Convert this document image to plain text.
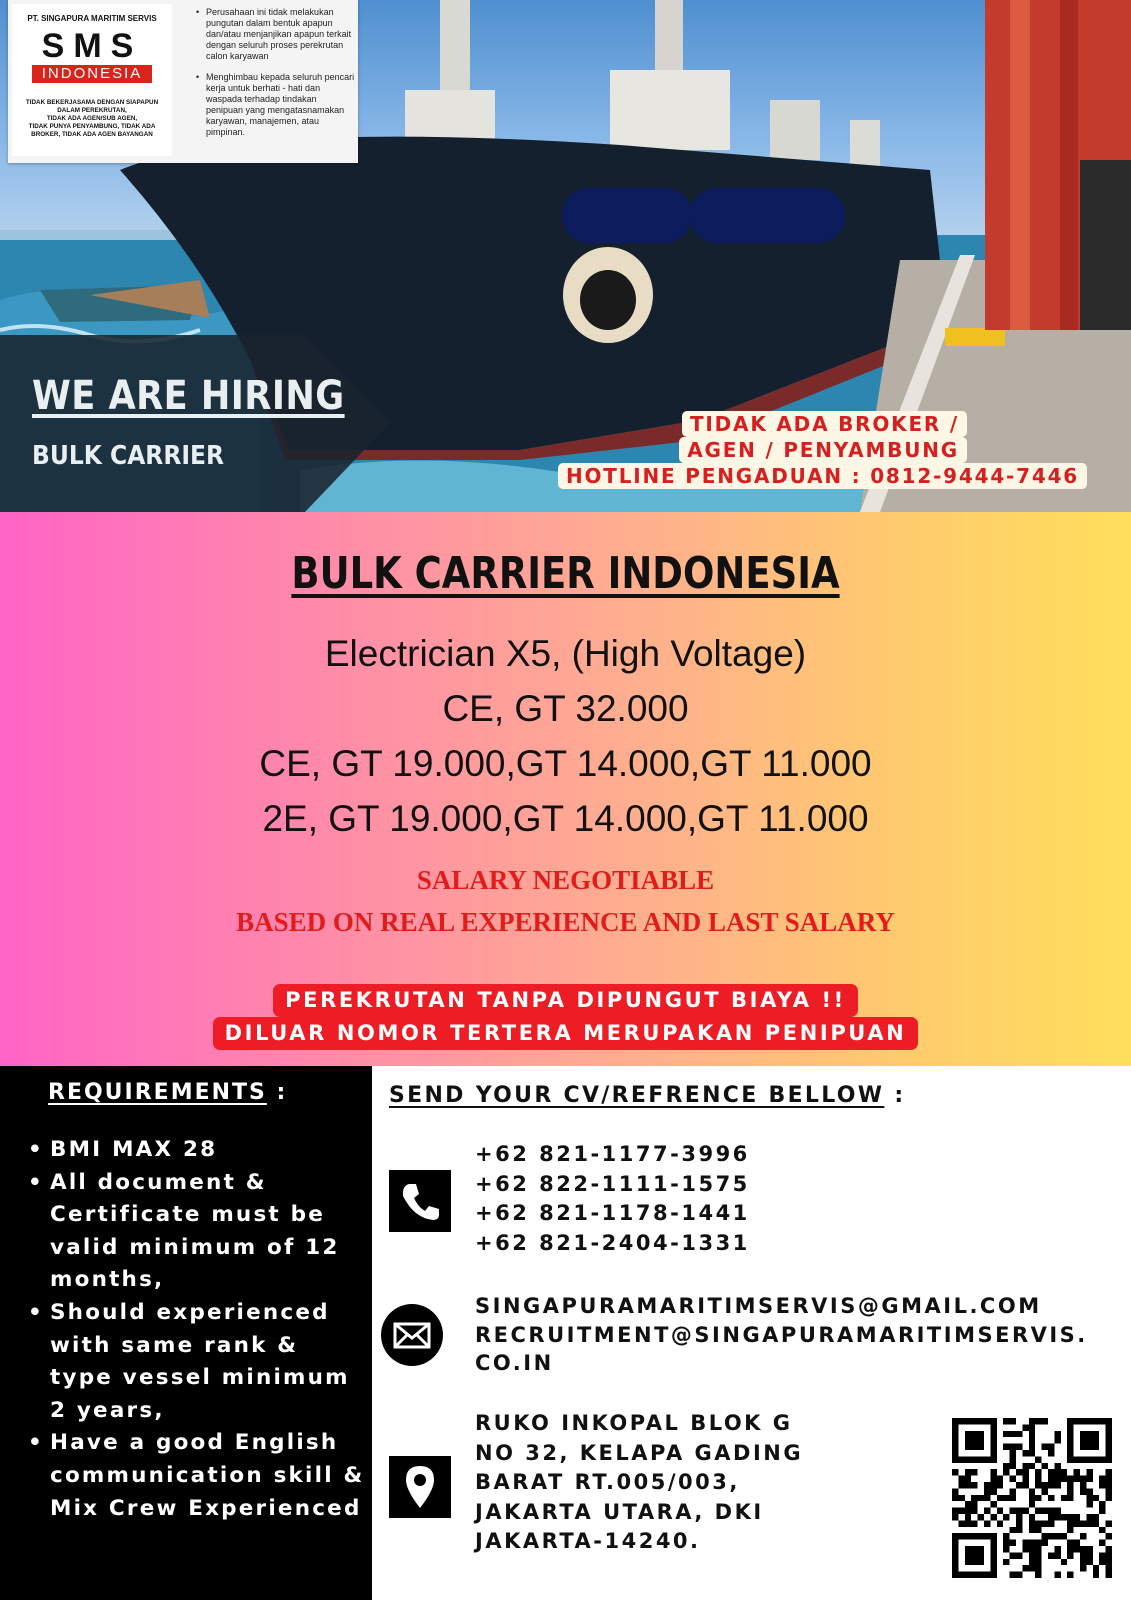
PT. SINGAPURA MARITIM SERVIS
SMS
INDONESIA
TIDAK BEKERJASAMA DENGAN SIAPAPUN
DALAM PEREKRUTAN,
TIDAK ADA AGEN/SUB AGEN,
TIDAK PUNYA PENYAMBUNG, TIDAK ADA
BROKER, TIDAK ADA AGEN BAYANGAN
• Perusahaan ini tidak melakukan pungutan dalam bentuk apapun dan/atau menjanjikan apapun terkait dengan seluruh proses perekrutan calon karyawan
• Menghimbau kepada seluruh pencari kerja untuk berhati - hati dan waspada terhadap tindakan penipuan yang mengatasnamakan karyawan, manajemen, atau pimpinan.
WE ARE HIRING
BULK CARRIER
TIDAK ADA BROKER /
AGEN / PENYAMBUNG
HOTLINE PENGADUAN : 0812-9444-7446
BULK CARRIER INDONESIA
Electrician X5, (High Voltage)
CE, GT 32.000
CE, GT 19.000,GT 14.000,GT 11.000
2E, GT 19.000,GT 14.000,GT 11.000
SALARY NEGOTIABLE
BASED ON REAL EXPERIENCE AND LAST SALARY
PEREKRUTAN TANPA DIPUNGUT BIAYA !!
DILUAR NOMOR TERTERA MERUPAKAN PENIPUAN
REQUIREMENTS :
• BMI MAX 28
• All document & Certificate must be valid minimum of 12 months,
• Should experienced with same rank & type vessel minimum 2 years,
• Have a good English communication skill & Mix Crew Experienced
SEND YOUR CV/REFRENCE BELLOW :
+62 821-1177-3996
+62 822-1111-1575
+62 821-1178-1441
+62 821-2404-1331
SINGAPURAMARITIMSERVIS@GMAIL.COM
RECRUITMENT@SINGAPURAMARITIMSERVIS.
CO.IN
RUKO INKOPAL BLOK G
NO 32, KELAPA GADING
BARAT RT.005/003,
JAKARTA UTARA, DKI
JAKARTA-14240.
